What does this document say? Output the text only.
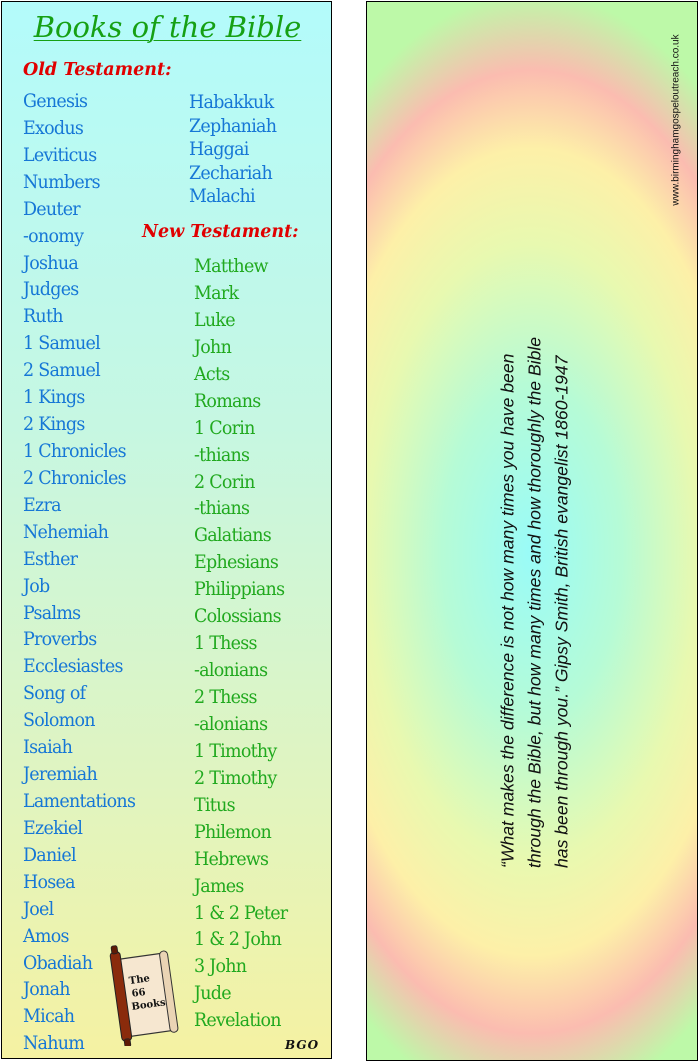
Books of the Bible
Old Testament:
Genesis
Exodus
Leviticus
Numbers
Deuter
-onomy
Joshua
Judges
Ruth
1 Samuel
2 Samuel
1 Kings
2 Kings
1 Chronicles
2 Chronicles
Ezra
Nehemiah
Esther
Job
Psalms
Proverbs
Ecclesiastes
Song of
Solomon
Isaiah
Jeremiah
Lamentations
Ezekiel
Daniel
Hosea
Joel
Amos
Obadiah
Jonah
Micah
Nahum
Habakkuk
Zephaniah
Haggai
Zechariah
Malachi
New Testament:
Matthew
Mark
Luke
John
Acts
Romans
1 Corin
-thians
2 Corin
-thians
Galatians
Ephesians
Philippians
Colossians
1 Thess
-alonians
2 Thess
-alonians
1 Timothy
2 Timothy
Titus
Philemon
Hebrews
James
1 & 2 Peter
1 & 2 John
3 John
Jude
Revelation
The 66 Books
BGO
“What makes the difference is not how many times you have been through the Bible, but how many times and how thoroughly the Bible has been through you.” Gipsy Smith, British evangelist 1860-1947
www.birminghamgospeloutreach.co.uk
